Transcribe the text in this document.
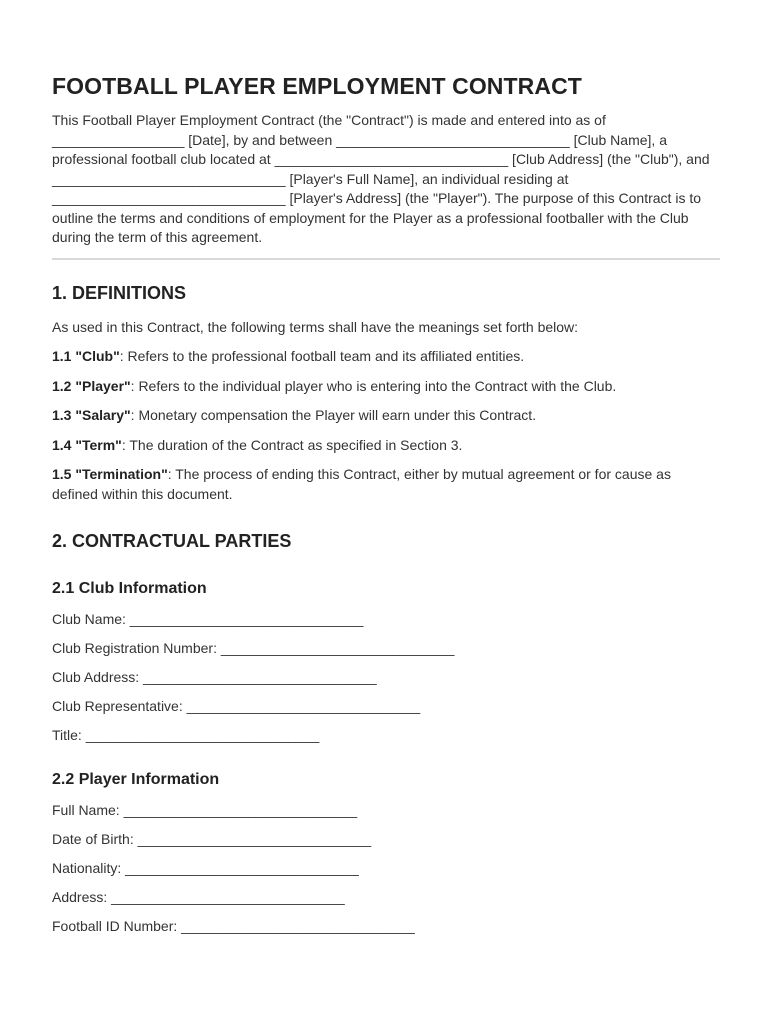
FOOTBALL PLAYER EMPLOYMENT CONTRACT
This Football Player Employment Contract (the "Contract") is made and entered into as of _________________ [Date], by and between ______________________________ [Club Name], a professional football club located at ______________________________ [Club Address] (the "Club"), and ______________________________ [Player's Full Name], an individual residing at ______________________________ [Player's Address] (the "Player"). The purpose of this Contract is to outline the terms and conditions of employment for the Player as a professional footballer with the Club during the term of this agreement.
1. DEFINITIONS
As used in this Contract, the following terms shall have the meanings set forth below:
1.1 "Club": Refers to the professional football team and its affiliated entities.
1.2 "Player": Refers to the individual player who is entering into the Contract with the Club.
1.3 "Salary": Monetary compensation the Player will earn under this Contract.
1.4 "Term": The duration of the Contract as specified in Section 3.
1.5 "Termination": The process of ending this Contract, either by mutual agreement or for cause as defined within this document.
2. CONTRACTUAL PARTIES
2.1 Club Information
Club Name: ______________________________
Club Registration Number: ______________________________
Club Address: ______________________________
Club Representative: ______________________________
Title: ______________________________
2.2 Player Information
Full Name: ______________________________
Date of Birth: ______________________________
Nationality: ______________________________
Address: ______________________________
Football ID Number: ______________________________
